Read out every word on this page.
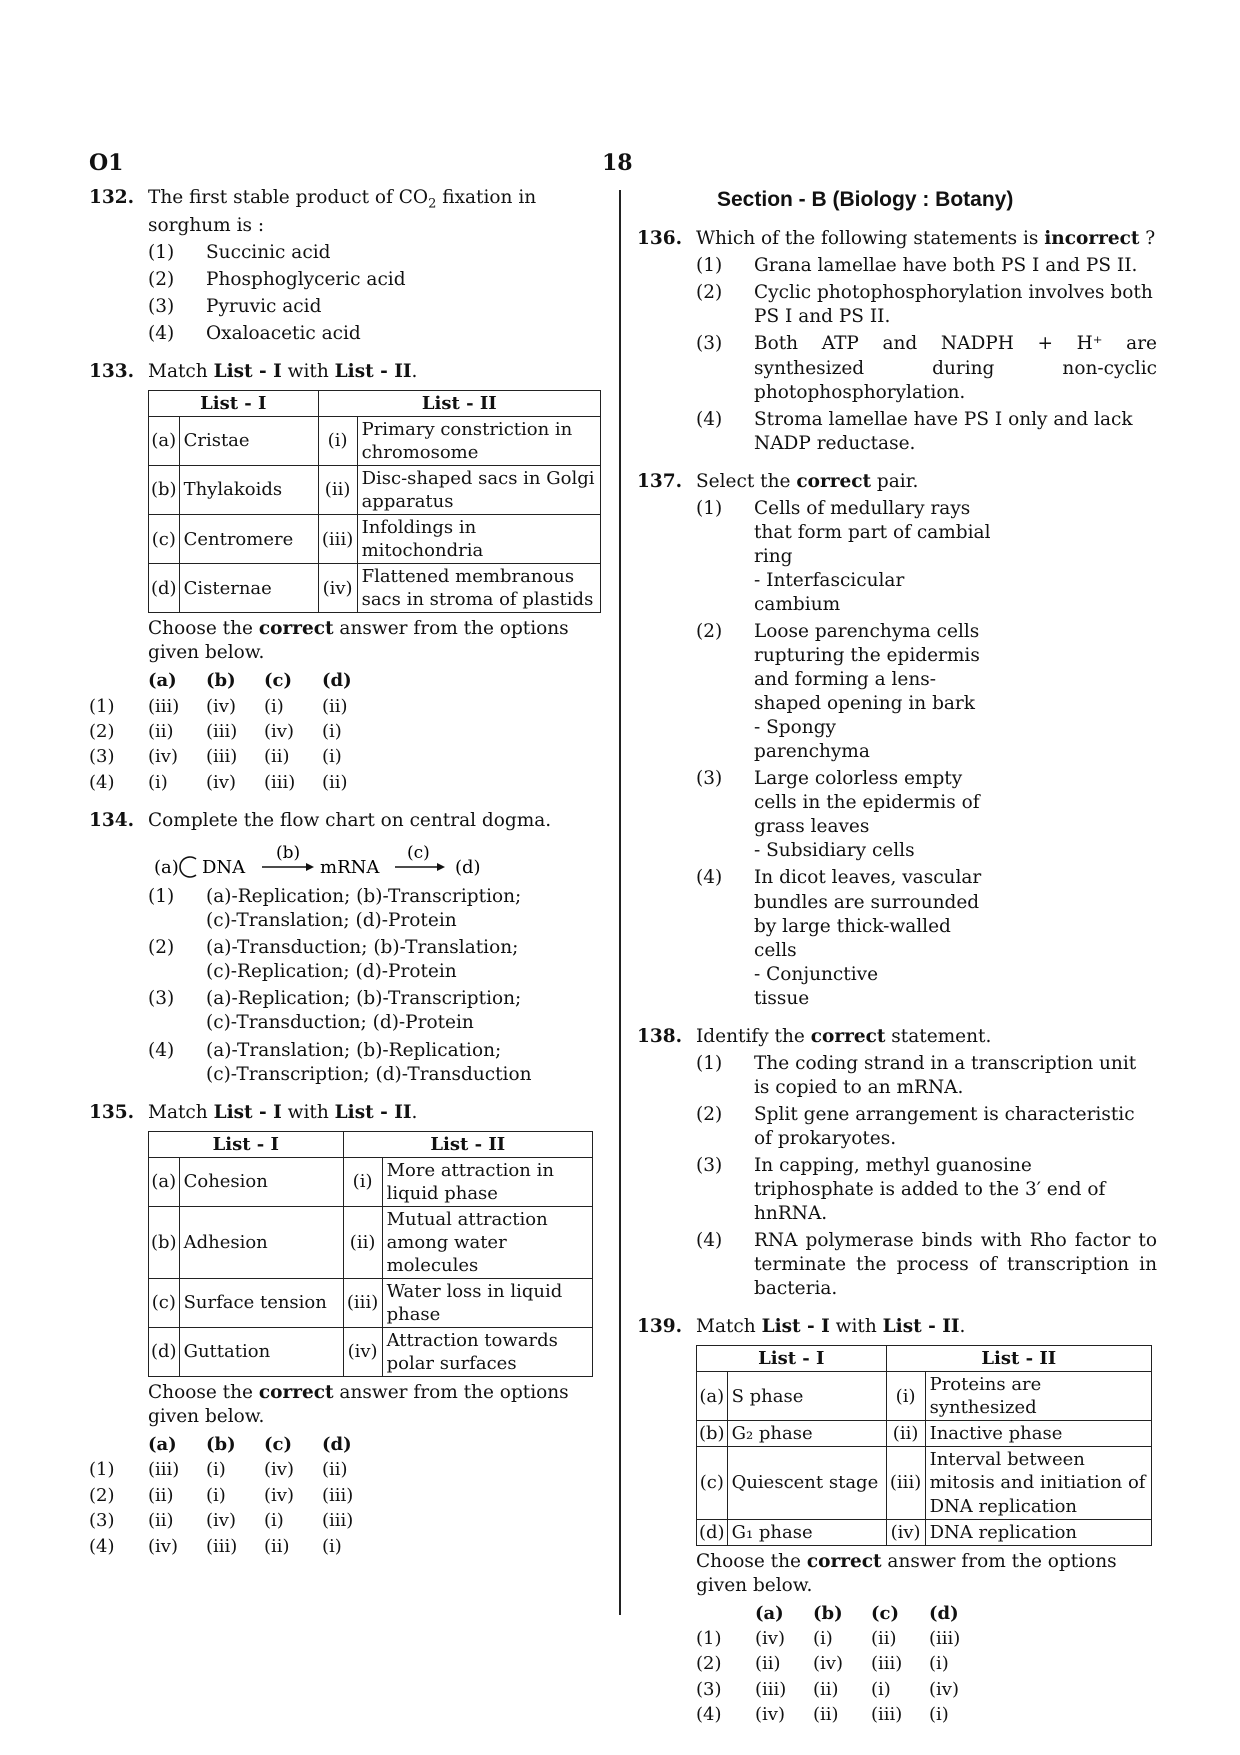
O1	18
132. The first stable product of $CO_2$ fixation in sorghum is :
(1) Succinic acid
(2) Phosphoglyceric acid
(3) Pyruvic acid
(4) Oxaloacetic acid
133. Match List - I with List - II.
List - I		List - II	
(a)	Cristae	(i)	Primary constriction in chromosome
(b)	Thylakoids	(ii)	Disc-shaped sacs in Golgi apparatus
(c)	Centromere	(iii)	Infoldings in mitochondria
(d)	Cisternae	(iv)	Flattened membranous sacs in stroma of plastids
Choose the correct answer from the options given below.
	(a)	(b)	(c)	(d)
(1)	(iii)	(iv)	(i)	(ii)
(2)	(ii)	(iii)	(iv)	(i)
(3)	(iv)	(iii)	(ii)	(i)
(4)	(i)	(iv)	(iii)	(ii)
134. Complete the flow chart on central dogma.
(a) DNA
(b)
mRNA
(c)
(d)
(1) (a)-Replication; (b)-Transcription;
(c)-Translation; (d)-Protein
(2) (a)-Transduction; (b)-Translation;
(c)-Replication; (d)-Protein
(3) (a)-Replication; (b)-Transcription;
(c)-Transduction; (d)-Protein
(4) (a)-Translation; (b)-Replication;
(c)-Transcription; (d)-Transduction
135. Match List - I with List - II.
List - I		List - II	
(a)	Cohesion	(i)	More attraction in liquid phase
(b)	Adhesion	(ii)	Mutual attraction among water molecules
(c)	Surface tension	(iii)	Water loss in liquid phase
(d)	Guttation	(iv)	Attraction towards polar surfaces
Choose the correct answer from the options given below.
	(a)	(b)	(c)	(d)
(1)	(iii)	(i)	(iv)	(ii)
(2)	(ii)	(i)	(iv)	(iii)
(3)	(ii)	(iv)	(i)	(iii)
(4)	(iv)	(iii)	(ii)	(i)
Section - B (Biology : Botany)
136. Which of the following statements is incorrect ?
(1) Grana lamellae have both PS I and PS II.
(2) Cyclic photophosphorylation involves both PS I and PS II.
(3) Both ATP and NADPH + H⁺ are synthesized during non-cyclic photophosphorylation.
(4) Stroma lamellae have PS I only and lack NADP reductase.
137. Select the correct pair.
(1) Cells of medullary rays that form part of cambial ring- Interfascicular cambium
(2) Loose parenchyma cells rupturing the epidermis and forming a lens-shaped opening in bark- Spongy parenchyma
(3) Large colorless empty cells in the epidermis of grass leaves- Subsidiary cells
(4) In dicot leaves, vascular bundles are surrounded by large thick-walled cells- Conjunctive tissue
138. Identify the correct statement.
(1) The coding strand in a transcription unit is copied to an mRNA.
(2) Split gene arrangement is characteristic of prokaryotes.
(3) In capping, methyl guanosine triphosphate is added to the 3′ end of hnRNA.
(4) RNA polymerase binds with Rho factor to terminate the process of transcription in bacteria.
139. Match List - I with List - II.
List - I		List - II	
(a)	S phase	(i)	Proteins are synthesized
(b)	G₂ phase	(ii)	Inactive phase
(c)	Quiescent stage	(iii)	Interval between mitosis and initiation of DNA replication
(d)	G₁ phase	(iv)	DNA replication
Choose the correct answer from the options given below.
	(a)	(b)	(c)	(d)
(1)	(iv)	(i)	(ii)	(iii)
(2)	(ii)	(iv)	(iii)	(i)
(3)	(iii)	(ii)	(i)	(iv)
(4)	(iv)	(ii)	(iii)	(i)
